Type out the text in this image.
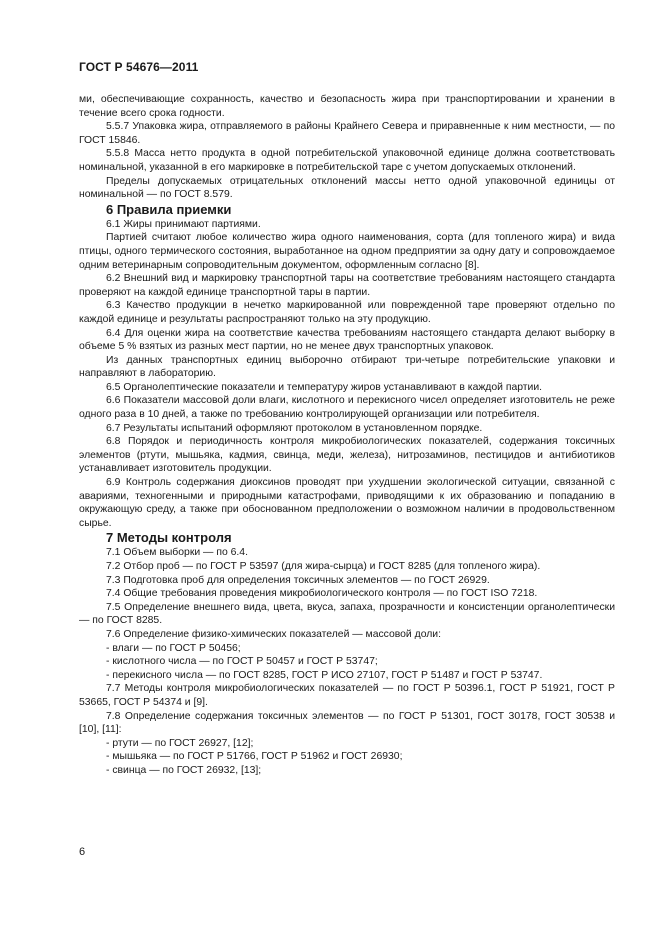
ГОСТ Р 54676—2011

ми, обеспечивающие сохранность, качество и безопасность жира при транспортировании и хранении в течение всего срока годности.

5.5.7 Упаковка жира, отправляемого в районы Крайнего Севера и приравненные к ним местности, — по ГОСТ 15846.

5.5.8 Масса нетто продукта в одной потребительской упаковочной единице должна соответствовать номинальной, указанной в его маркировке в потребительской таре с учетом допускаемых отклонений.

Пределы допускаемых отрицательных отклонений массы нетто одной упаковочной единицы от номинальной — по ГОСТ 8.579.

6 Правила приемки

6.1 Жиры принимают партиями.

Партией считают любое количество жира одного наименования, сорта (для топленого жира) и вида птицы, одного термического состояния, выработанное на одном предприятии за одну дату и сопровождаемое одним ветеринарным сопроводительным документом, оформленным согласно [8].

6.2 Внешний вид и маркировку транспортной тары на соответствие требованиям настоящего стандарта проверяют на каждой единице транспортной тары в партии.

6.3 Качество продукции в нечетко маркированной или поврежденной таре проверяют отдельно по каждой единице и результаты распространяют только на эту продукцию.

6.4 Для оценки жира на соответствие качества требованиям настоящего стандарта делают выборку в объеме 5 % взятых из разных мест партии, но не менее двух транспортных упаковок.

Из данных транспортных единиц выборочно отбирают три-четыре потребительские упаковки и направляют в лабораторию.

6.5 Органолептические показатели и температуру жиров устанавливают в каждой партии.

6.6 Показатели массовой доли влаги, кислотного и перекисного чисел определяет изготовитель не реже одного раза в 10 дней, а также по требованию контролирующей организации или потребителя.

6.7 Результаты испытаний оформляют протоколом в установленном порядке.

6.8 Порядок и периодичность контроля микробиологических показателей, содержания токсичных элементов (ртути, мышьяка, кадмия, свинца, меди, железа), нитрозаминов, пестицидов и антибиотиков устанавливает изготовитель продукции.

6.9 Контроль содержания диоксинов проводят при ухудшении экологической ситуации, связанной с авариями, техногенными и природными катастрофами, приводящими к их образованию и попаданию в окружающую среду, а также при обоснованном предположении о возможном наличии в продовольственном сырье.

7 Методы контроля

7.1 Объем выборки — по 6.4.

7.2 Отбор проб — по ГОСТ Р 53597 (для жира-сырца) и ГОСТ 8285 (для топленого жира).

7.3 Подготовка проб для определения токсичных элементов — по ГОСТ 26929.

7.4 Общие требования проведения микробиологического контроля — по ГОСТ ISO 7218.

7.5 Определение внешнего вида, цвета, вкуса, запаха, прозрачности и консистенции органолептически — по ГОСТ 8285.

7.6 Определение физико-химических показателей — массовой доли:

- влаги — по ГОСТ Р 50456;

- кислотного числа — по ГОСТ Р 50457 и ГОСТ Р 53747;

- перекисного числа — по ГОСТ 8285, ГОСТ Р ИСО 27107, ГОСТ Р 51487 и ГОСТ Р 53747.

7.7 Методы контроля микробиологических показателей — по ГОСТ Р 50396.1, ГОСТ Р 51921, ГОСТ Р 53665, ГОСТ Р 54374 и [9].

7.8 Определение содержания токсичных элементов — по ГОСТ Р 51301, ГОСТ 30178, ГОСТ 30538 и [10], [11]:

- ртути — по ГОСТ 26927, [12];

- мышьяка — по ГОСТ Р 51766, ГОСТ Р 51962 и ГОСТ 26930;

- свинца — по ГОСТ 26932, [13];

6
